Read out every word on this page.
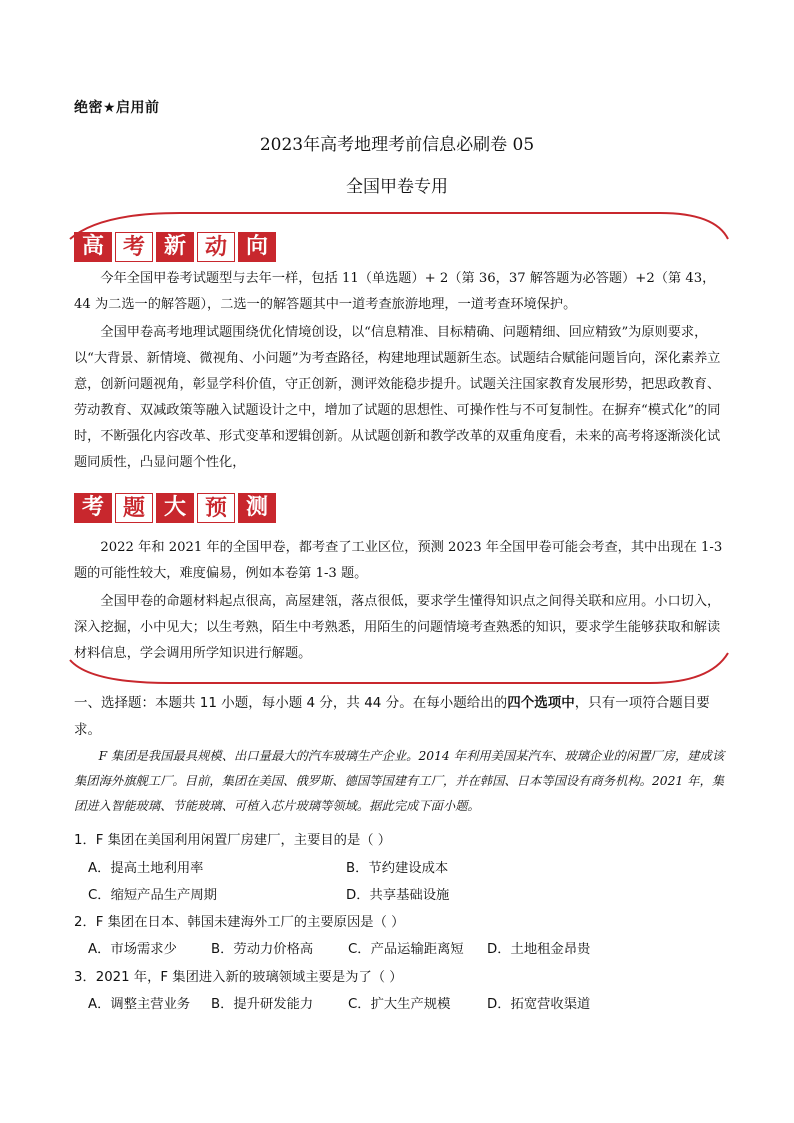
绝密★启用前
2023年高考地理考前信息必刷卷 05
全国甲卷专用
高 考 新 动 向
今年全国甲卷考试题型与去年一样，包括 11（单选题）+ 2（第 36，37 解答题为必答题）+2（第 43，44 为二选一的解答题），二选一的解答题其中一道考查旅游地理，一道考查环境保护。
全国甲卷高考地理试题围绕优化情境创设，以“信息精准、目标精确、问题精细、回应精致”为原则要求，以“大背景、新情境、微视角、小问题”为考查路径，构建地理试题新生态。试题结合赋能问题旨向，深化素养立意，创新问题视角，彰显学科价值，守正创新，测评效能稳步提升。试题关注国家教育发展形势，把思政教育、劳动教育、双减政策等融入试题设计之中，增加了试题的思想性、可操作性与不可复制性。在摒弃“模式化”的同时，不断强化内容改革、形式变革和逻辑创新。从试题创新和教学改革的双重角度看，未来的高考将逐渐淡化试题同质性，凸显问题个性化，
考 题 大 预 测
2022 年和 2021 年的全国甲卷，都考查了工业区位，预测 2023 年全国甲卷可能会考查，其中出现在 1-3 题的可能性较大，难度偏易，例如本卷第 1-3 题。
全国甲卷的命题材料起点很高，高屋建瓴，落点很低，要求学生懂得知识点之间得关联和应用。小口切入，深入挖掘，小中见大；以生考熟，陌生中考熟悉，用陌生的问题情境考查熟悉的知识，要求学生能够获取和解读材料信息，学会调用所学知识进行解题。
一、选择题：本题共 11 小题，每小题 4 分，共 44 分。在每小题给出的四个选项中，只有一项符合题目要求。
F 集团是我国最具规模、出口量最大的汽车玻璃生产企业。2014 年利用美国某汽车、玻璃企业的闲置厂房，建成该集团海外旗舰工厂。目前，集团在美国、俄罗斯、德国等国建有工厂，并在韩国、日本等国设有商务机构。2021 年，集团进入智能玻璃、节能玻璃、可植入芯片玻璃等领域。据此完成下面小题。
1．F 集团在美国利用闲置厂房建厂，主要目的是（ ）
A．提高土地利用率	B．节约建设成本
C．缩短产品生产周期	D．共享基础设施
2．F 集团在日本、韩国未建海外工厂的主要原因是（ ）
A．市场需求少	B．劳动力价格高	C．产品运输距离短 D．土地租金昂贵
3．2021 年，F 集团进入新的玻璃领域主要是为了（ ）
A．调整主营业务 B．提升研发能力	C．扩大生产规模	D．拓宽营收渠道
